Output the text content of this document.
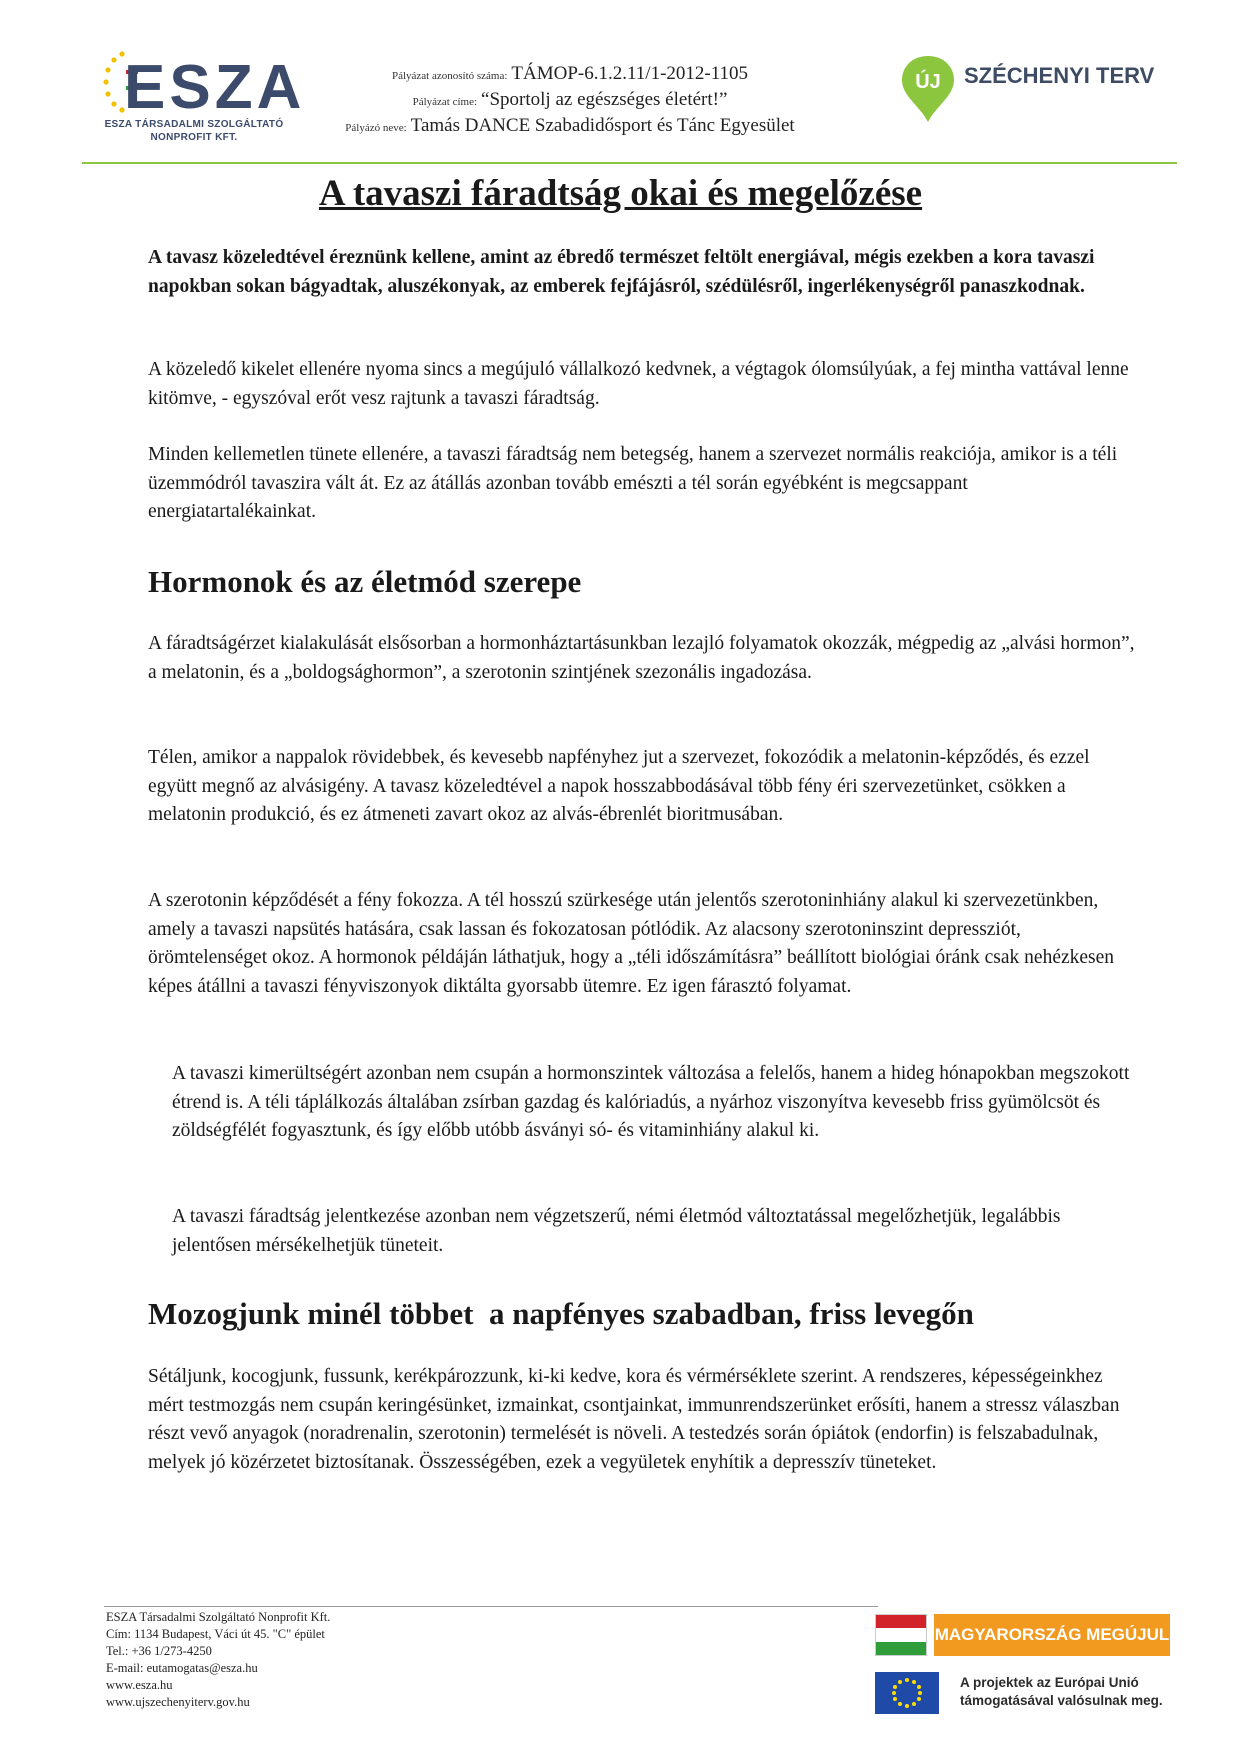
ESZA
ESZA TÁRSADALMI SZOLGÁLTATÓ
NONPROFIT KFT.
Pályázat azonosító száma: TÁMOP-6.1.2.11/1-2012-1105
Pályázat címe: “Sportolj az egészséges életért!”
Pályázó neve: Tamás DANCE Szabadidősport és Tánc Egyesület
ÚJ SZÉCHENYI TERV
A tavaszi fáradtság okai és megelőzése

A tavasz közeledtével éreznünk kellene, amint az ébredő természet feltölt energiával, mégis ezekben a kora tavaszi napokban sokan bágyadtak, aluszékonyak, az emberek fejfájásról, szédülésről, ingerlékenységről panaszkodnak.

A közeledő kikelet ellenére nyoma sincs a megújuló vállalkozó kedvnek, a végtagok ólomsúlyúak, a fej mintha vattával lenne kitömve, - egyszóval erőt vesz rajtunk a tavaszi fáradtság.

Minden kellemetlen tünete ellenére, a tavaszi fáradtság nem betegség, hanem a szervezet normális reakciója, amikor is a téli üzemmódról tavaszira vált át. Ez az átállás azonban tovább emészti a tél során egyébként is megcsappant energiatartalékainkat.

Hormonok és az életmód szerepe

A fáradtságérzet kialakulását elsősorban a hormonháztartásunkban lezajló folyamatok okozzák, mégpedig az „alvási hormon”, a melatonin, és a „boldogsághormon”, a szerotonin szintjének szezonális ingadozása.

Télen, amikor a nappalok rövidebbek, és kevesebb napfényhez jut a szervezet, fokozódik a melatonin-képződés, és ezzel együtt megnő az alvásigény. A tavasz közeledtével a napok hosszabbodásával több fény éri szervezetünket, csökken a melatonin produkció, és ez átmeneti zavart okoz az alvás-ébrenlét bioritmusában.

A szerotonin képződését a fény fokozza. A tél hosszú szürkesége után jelentős szerotoninhiány alakul ki szervezetünkben, amely a tavaszi napsütés hatására, csak lassan és fokozatosan pótlódik. Az alacsony szerotoninszint depressziót, örömtelenséget okoz. A hormonok példáján láthatjuk, hogy a „téli időszámításra” beállított biológiai óránk csak nehézkesen képes átállni a tavaszi fényviszonyok diktálta gyorsabb ütemre. Ez igen fárasztó folyamat.

A tavaszi kimerültségért azonban nem csupán a hormonszintek változása a felelős, hanem a hideg hónapokban megszokott étrend is. A téli táplálkozás általában zsírban gazdag és kalóriadús, a nyárhoz viszonyítva kevesebb friss gyümölcsöt és zöldségfélét fogyasztunk, és így előbb utóbb ásványi só- és vitaminhiány alakul ki.

A tavaszi fáradtság jelentkezése azonban nem végzetszerű, némi életmód változtatással megelőzhetjük, legalábbis jelentősen mérsékelhetjük tüneteit.

Mozogjunk minél többet  a napfényes szabadban, friss levegőn

Sétáljunk, kocogjunk, fussunk, kerékpározzunk, ki-ki kedve, kora és vérmérséklete szerint. A rendszeres, képességeinkhez mért testmozgás nem csupán keringésünket, izmainkat, csontjainkat, immunrendszerünket erősíti, hanem a stressz válaszban részt vevő anyagok (noradrenalin, szerotonin) termelését is növeli. A testedzés során ópiátok (endorfin) is felszabadulnak, melyek jó közérzetet biztosítanak. Összességében, ezek a vegyületek enyhítik a depresszív tüneteket.

ESZA Társadalmi Szolgáltató Nonprofit Kft.
Cím: 1134 Budapest, Váci út 45. "C" épület
Tel.: +36 1/273-4250
E-mail: eutamogatas@esza.hu
www.esza.hu
www.ujszechenyiterv.gov.hu
MAGYARORSZÁG MEGÚJUL
A projektek az Európai Unió
támogatásával valósulnak meg.
